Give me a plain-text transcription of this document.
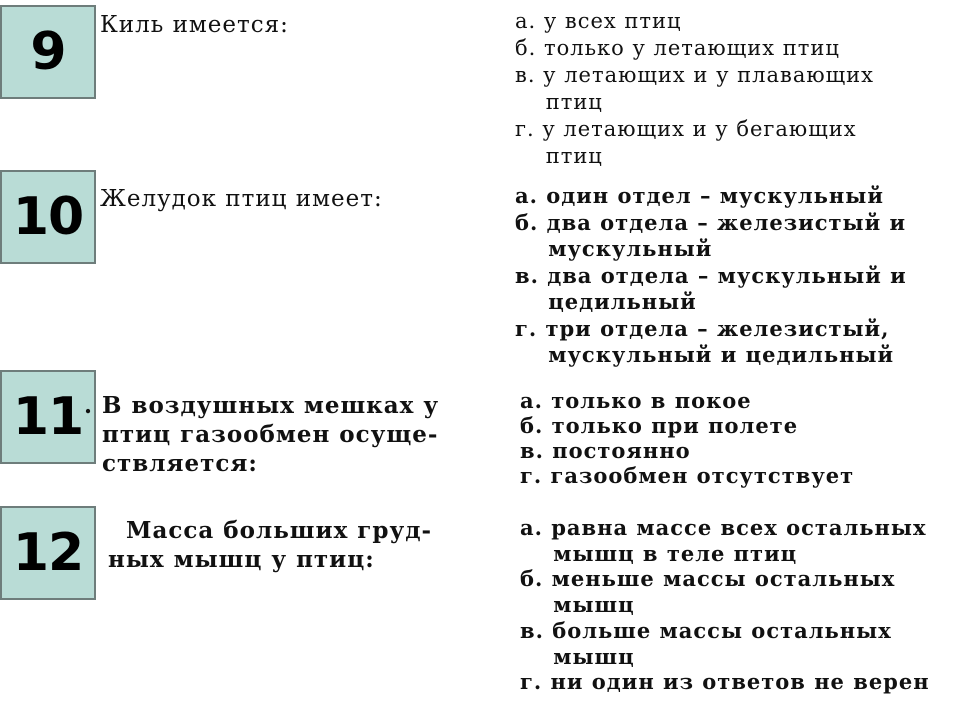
9	Киль имеется:	а. у всех птиц
б. только у летающих птиц
в. у летающих и у плавающих
птиц
г. у летающих и у бегающих
птиц
10 Желудок птиц имеет:	а. один отдел – мускульный
б. два отдела – железистый и
мускульный
в. два отдела – мускульный и
цедильный
г. три отдела – железистый,
мускульный и цедильный
11 . В воздушных мешках у
птиц газообмен осуще-
ствляется:
а. только в покое
б. только при полете
в. постоянно
г. газообмен отсутствует
12	Масса больших груд-
ных мышц у птиц:
а. равна массе всех остальных
мышц в теле птиц
б. меньше массы остальных
мышц
в. больше массы остальных
мышц
г. ни один из ответов не верен
